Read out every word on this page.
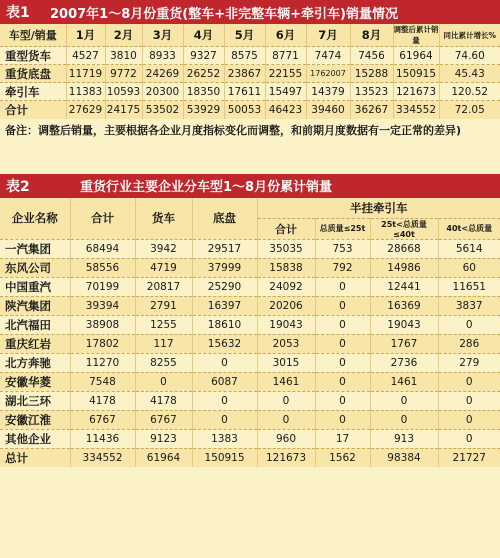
表1	2007年1～8月份重货(整车+非完整车辆+牵引车)销量情况
车型/销量	1月	2月	3月	4月	5月	6月	7月	8月	调整后累计销量	同比累计增长%
重型货车	4527	3810	8933	9327	8575	8771	7474	7456	61964	74.60
重货底盘	11719	9772	24269	26252	23867	22155	1762007	15288	150915	45.43
牵引车	11383	10593	20300	18350	17611	15497	14379	13523	121673	120.52
合计	27629	24175	53502	53929	50053	46423	39460	36267	334552	72.05
备注：调整后销量，主要根据各企业月度指标变化而调整，和前期月度数据有一定正常的差异)
表2	重货行业主要企业分车型1～8月份累计销量
企业名称	合计	货车	底盘	半挂牵引车			
				合计	总质量≤25t	25t<总质量≤40t	40t<总质量
一汽集团	68494	3942	29517	35035	753	28668	5614
东风公司	58556	4719	37999	15838	792	14986	60
中国重汽	70199	20817	25290	24092	0	12441	11651
陕汽集团	39394	2791	16397	20206	0	16369	3837
北汽福田	38908	1255	18610	19043	0	19043	0
重庆红岩	17802	117	15632	2053	0	1767	286
北方奔驰	11270	8255	0	3015	0	2736	279
安徽华菱	7548	0	6087	1461	0	1461	0
湖北三环	4178	4178	0	0	0	0	0
安徽江淮	6767	6767	0	0	0	0	0
其他企业	11436	9123	1383	960	17	913	0
总计	334552	61964	150915	121673	1562	98384	21727
